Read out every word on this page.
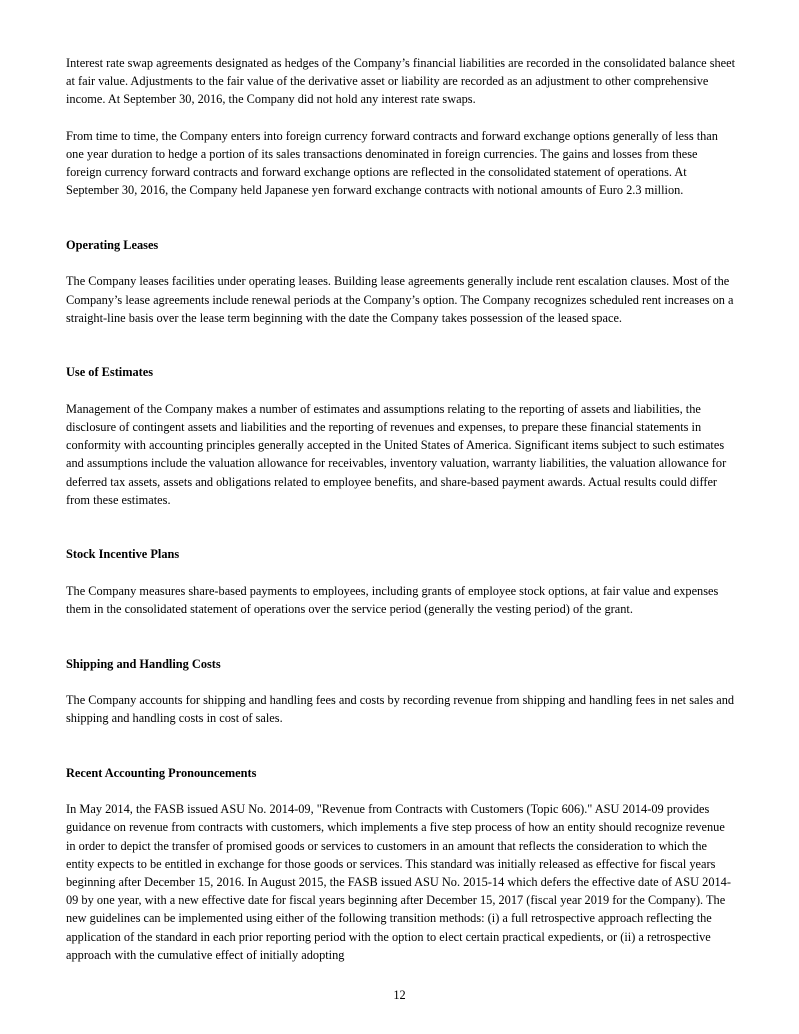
Interest rate swap agreements designated as hedges of the Company’s financial liabilities are recorded in the consolidated balance sheet at fair value. Adjustments to the fair value of the derivative asset or liability are recorded as an adjustment to other comprehensive income. At September 30, 2016, the Company did not hold any interest rate swaps.

From time to time, the Company enters into foreign currency forward contracts and forward exchange options generally of less than one year duration to hedge a portion of its sales transactions denominated in foreign currencies. The gains and losses from these foreign currency forward contracts and forward exchange options are reflected in the consolidated statement of operations. At September 30, 2016, the Company held Japanese yen forward exchange contracts with notional amounts of Euro 2.3 million.

Operating Leases

The Company leases facilities under operating leases. Building lease agreements generally include rent escalation clauses. Most of the Company’s lease agreements include renewal periods at the Company’s option. The Company recognizes scheduled rent increases on a straight-line basis over the lease term beginning with the date the Company takes possession of the leased space.

Use of Estimates

Management of the Company makes a number of estimates and assumptions relating to the reporting of assets and liabilities, the disclosure of contingent assets and liabilities and the reporting of revenues and expenses, to prepare these financial statements in conformity with accounting principles generally accepted in the United States of America. Significant items subject to such estimates and assumptions include the valuation allowance for receivables, inventory valuation, warranty liabilities, the valuation allowance for deferred tax assets, assets and obligations related to employee benefits, and share-based payment awards. Actual results could differ from these estimates.

Stock Incentive Plans

The Company measures share-based payments to employees, including grants of employee stock options, at fair value and expenses them in the consolidated statement of operations over the service period (generally the vesting period) of the grant.

Shipping and Handling Costs

The Company accounts for shipping and handling fees and costs by recording revenue from shipping and handling fees in net sales and shipping and handling costs in cost of sales.

Recent Accounting Pronouncements

In May 2014, the FASB issued ASU No. 2014-09, "Revenue from Contracts with Customers (Topic 606)." ASU 2014-09 provides guidance on revenue from contracts with customers, which implements a five step process of how an entity should recognize revenue in order to depict the transfer of promised goods or services to customers in an amount that reflects the consideration to which the entity expects to be entitled in exchange for those goods or services. This standard was initially released as effective for fiscal years beginning after December 15, 2016. In August 2015, the FASB issued ASU No. 2015-14 which defers the effective date of ASU 2014-09 by one year, with a new effective date for fiscal years beginning after December 15, 2017 (fiscal year 2019 for the Company). The new guidelines can be implemented using either of the following transition methods: (i) a full retrospective approach reflecting the application of the standard in each prior reporting period with the option to elect certain practical expedients, or (ii) a retrospective approach with the cumulative effect of initially adopting

12
